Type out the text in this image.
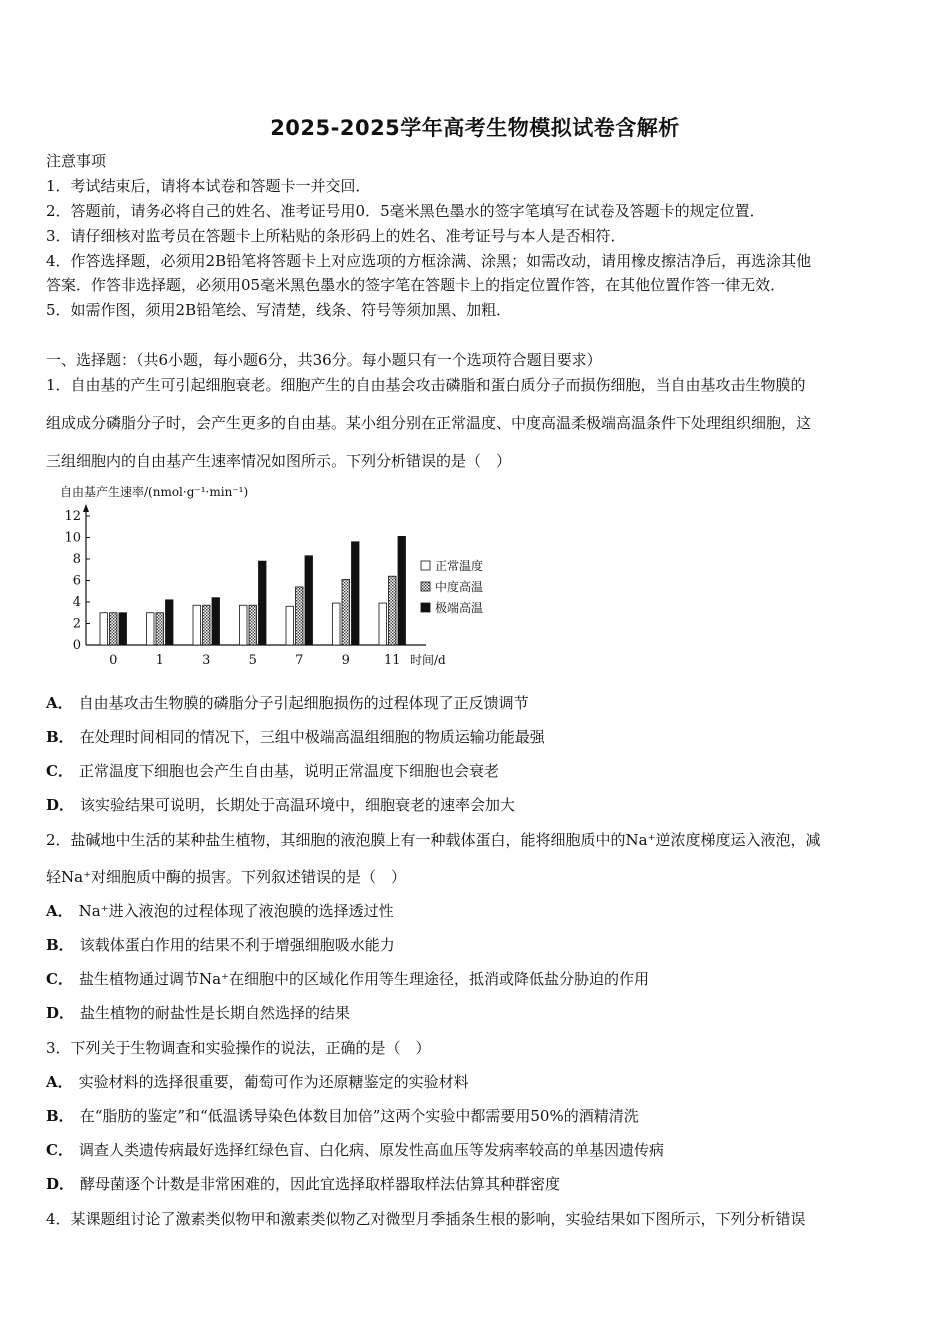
2025-2025学年高考生物模拟试卷含解析
注意事项
1．考试结束后，请将本试卷和答题卡一并交回．
2．答题前，请务必将自己的姓名、准考证号用0．5毫米黑色墨水的签字笔填写在试卷及答题卡的规定位置．
3．请仔细核对监考员在答题卡上所粘贴的条形码上的姓名、准考证号与本人是否相符．
4．作答选择题，必须用2B铅笔将答题卡上对应选项的方框涂满、涂黑；如需改动，请用橡皮擦洁净后，再选涂其他
答案．作答非选择题，必须用05毫米黑色墨水的签字笔在答题卡上的指定位置作答，在其他位置作答一律无效．
5．如需作图，须用2B铅笔绘、写清楚，线条、符号等须加黑、加粗．
一、选择题：（共6小题，每小题6分，共36分。每小题只有一个选项符合题目要求）
1．自由基的产生可引起细胞衰老。细胞产生的自由基会攻击磷脂和蛋白质分子而损伤细胞，当自由基攻击生物膜的
组成成分磷脂分子时，会产生更多的自由基。某小组分别在正常温度、中度高温柔极端高温条件下处理组织细胞，这
三组细胞内的自由基产生速率情况如图所示。下列分析错误的是（　）
自由基产生速率/(nmol·g⁻¹·min⁻¹)
0
2
4
6
8
10
12
0	1	3	5	7	9	11 时间/d
正常温度
中度高温
极端高温
A． 自由基攻击生物膜的磷脂分子引起细胞损伤的过程体现了正反馈调节
B． 在处理时间相同的情况下，三组中极端高温组细胞的物质运输功能最强
C． 正常温度下细胞也会产生自由基，说明正常温度下细胞也会衰老
D． 该实验结果可说明，长期处于高温环境中，细胞衰老的速率会加大
2．盐碱地中生活的某种盐生植物，其细胞的液泡膜上有一种载体蛋白，能将细胞质中的Na⁺逆浓度梯度运入液泡，减
轻Na⁺对细胞质中酶的损害。下列叙述错误的是（　）
A． Na⁺进入液泡的过程体现了液泡膜的选择透过性
B． 该载体蛋白作用的结果不利于增强细胞吸水能力
C． 盐生植物通过调节Na⁺在细胞中的区域化作用等生理途径，抵消或降低盐分胁迫的作用
D． 盐生植物的耐盐性是长期自然选择的结果
3．下列关于生物调查和实验操作的说法，正确的是（　）
A． 实验材料的选择很重要，葡萄可作为还原糖鉴定的实验材料
B． 在“脂肪的鉴定”和“低温诱导染色体数目加倍”这两个实验中都需要用50%的酒精清洗
C． 调查人类遗传病最好选择红绿色盲、白化病、原发性高血压等发病率较高的单基因遗传病
D． 酵母菌逐个计数是非常困难的，因此宜选择取样器取样法估算其种群密度
4．某课题组讨论了激素类似物甲和激素类似物乙对微型月季插条生根的影响，实验结果如下图所示，下列分析错误
